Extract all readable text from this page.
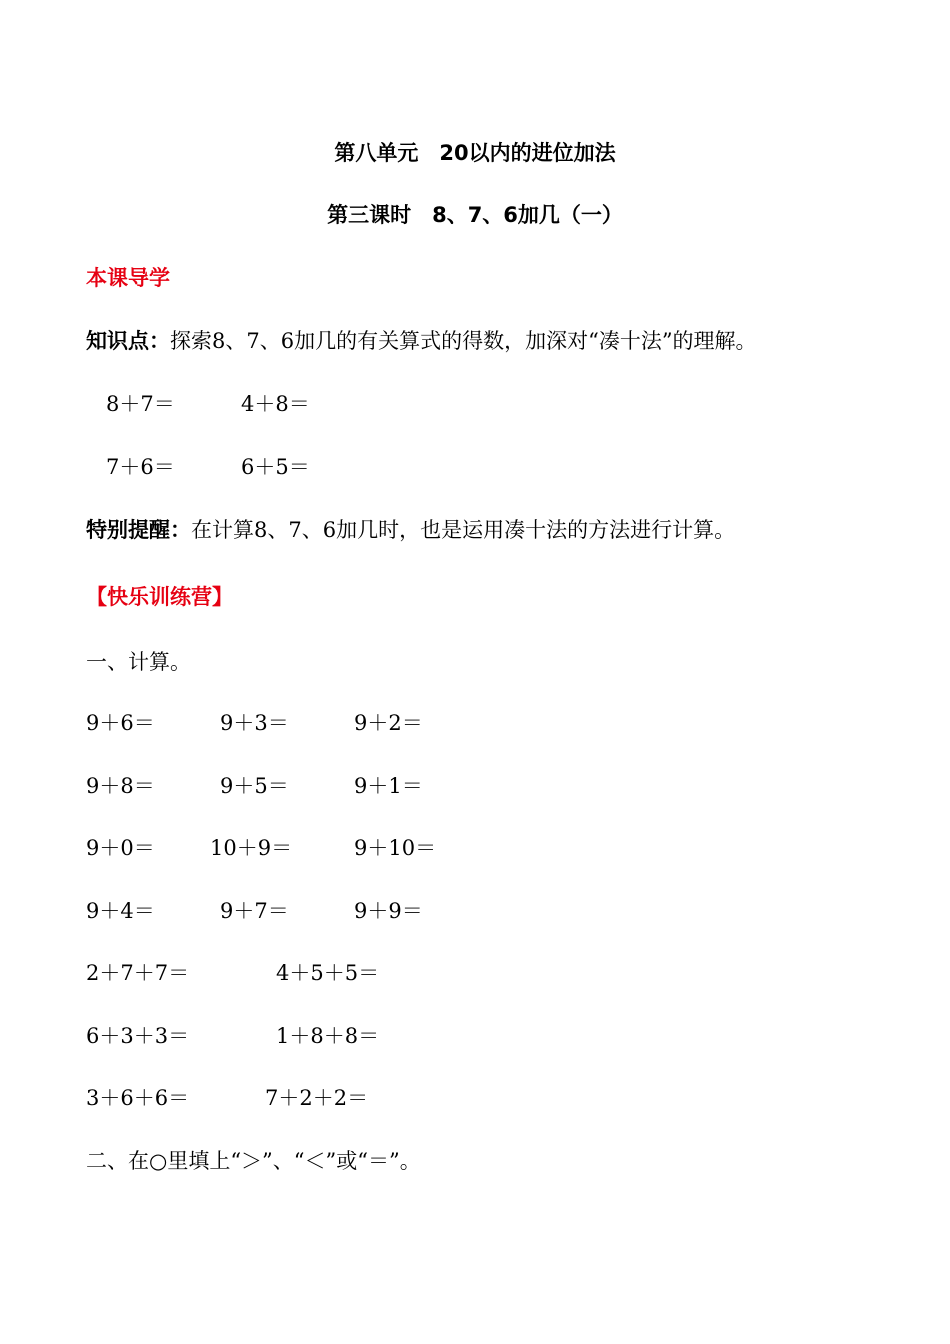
第八单元　20以内的进位加法
第三课时　8、7、6加几（一）
本课导学
知识点：探索8、7、6加几的有关算式的得数，加深对“凑十法”的理解。
8＋7＝	4＋8＝
7＋6＝	6＋5＝
特别提醒：在计算8、7、6加几时，也是运用凑十法的方法进行计算。
【快乐训练营】
一、计算。
9＋6＝	9＋3＝	9＋2＝
9＋8＝	9＋5＝	9＋1＝
9＋0＝	10＋9＝	9＋10＝
9＋4＝	9＋7＝	9＋9＝
2＋7＋7＝	4＋5＋5＝
6＋3＋3＝	1＋8＋8＝
3＋6＋6＝	7＋2＋2＝
二、在○里填上“＞”、“＜”或“＝”。
